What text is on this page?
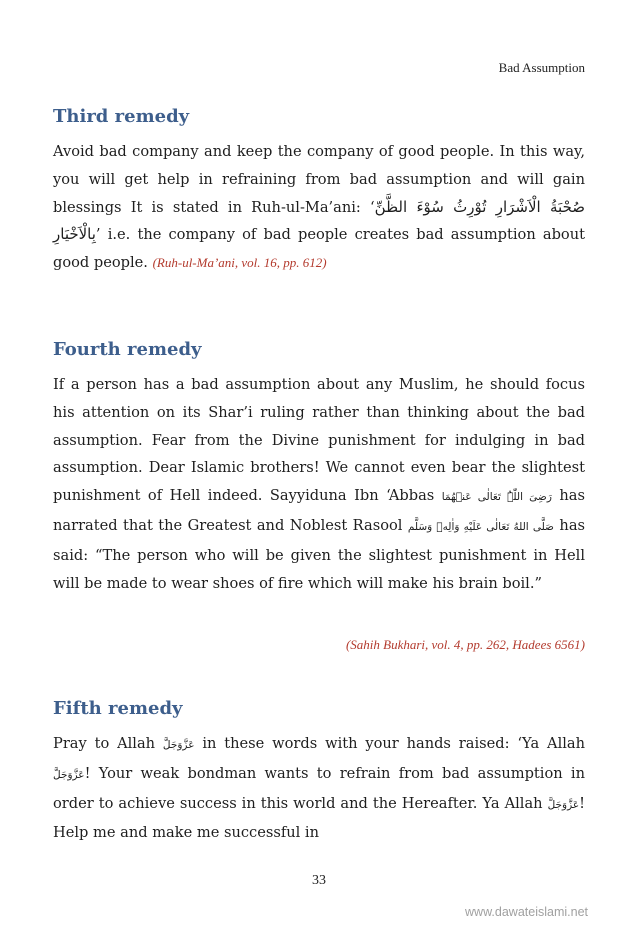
Bad Assumption
Third remedy

Avoid bad company and keep the company of good people. In this way, you will get help in refraining from bad assumption and will gain blessings It is stated in Ruh-ul-Ma’ani: ‘صُحْبَةُ الْاَشْرَارِ تُوْرِثُ سُوْءَ الظَّنِّ بِالْاَخْيَارِ’ i.e. the company of bad people creates bad assumption about good people. (Ruh-ul-Ma’ani, vol. 16, pp. 612)

Fourth remedy

If a person has a bad assumption about any Muslim, he should focus his attention on its Shar’i ruling rather than thinking about the bad assumption. Fear from the Divine punishment for indulging in bad assumption. Dear Islamic brothers! We cannot even bear the slightest punishment of Hell indeed. Sayyiduna Ibn ‘Abbas رَضِیَ اللّٰہُ تَعَالٰی عَنۡهُمَا has narrated that the Greatest and Noblest Rasool صَلَّى اللهُ تَعَالٰى عَلَيْهِ وَاٰلِهٖ وَسَلَّم has said: “The person who will be given the slightest punishment in Hell will be made to wear shoes of fire which will make his brain boil.”

(Sahih Bukhari, vol. 4, pp. 262, Hadees 6561)
Fifth remedy

Pray to Allah عَزَّوَجَلَّ in these words with your hands raised: ‘Ya Allah عَزَّوَجَلَّ! Your weak bondman wants to refrain from bad assumption in order to achieve success in this world and the Hereafter. Ya Allah عَزَّوَجَلَّ! Help me and make me successful in

33
www.dawateislami.net
